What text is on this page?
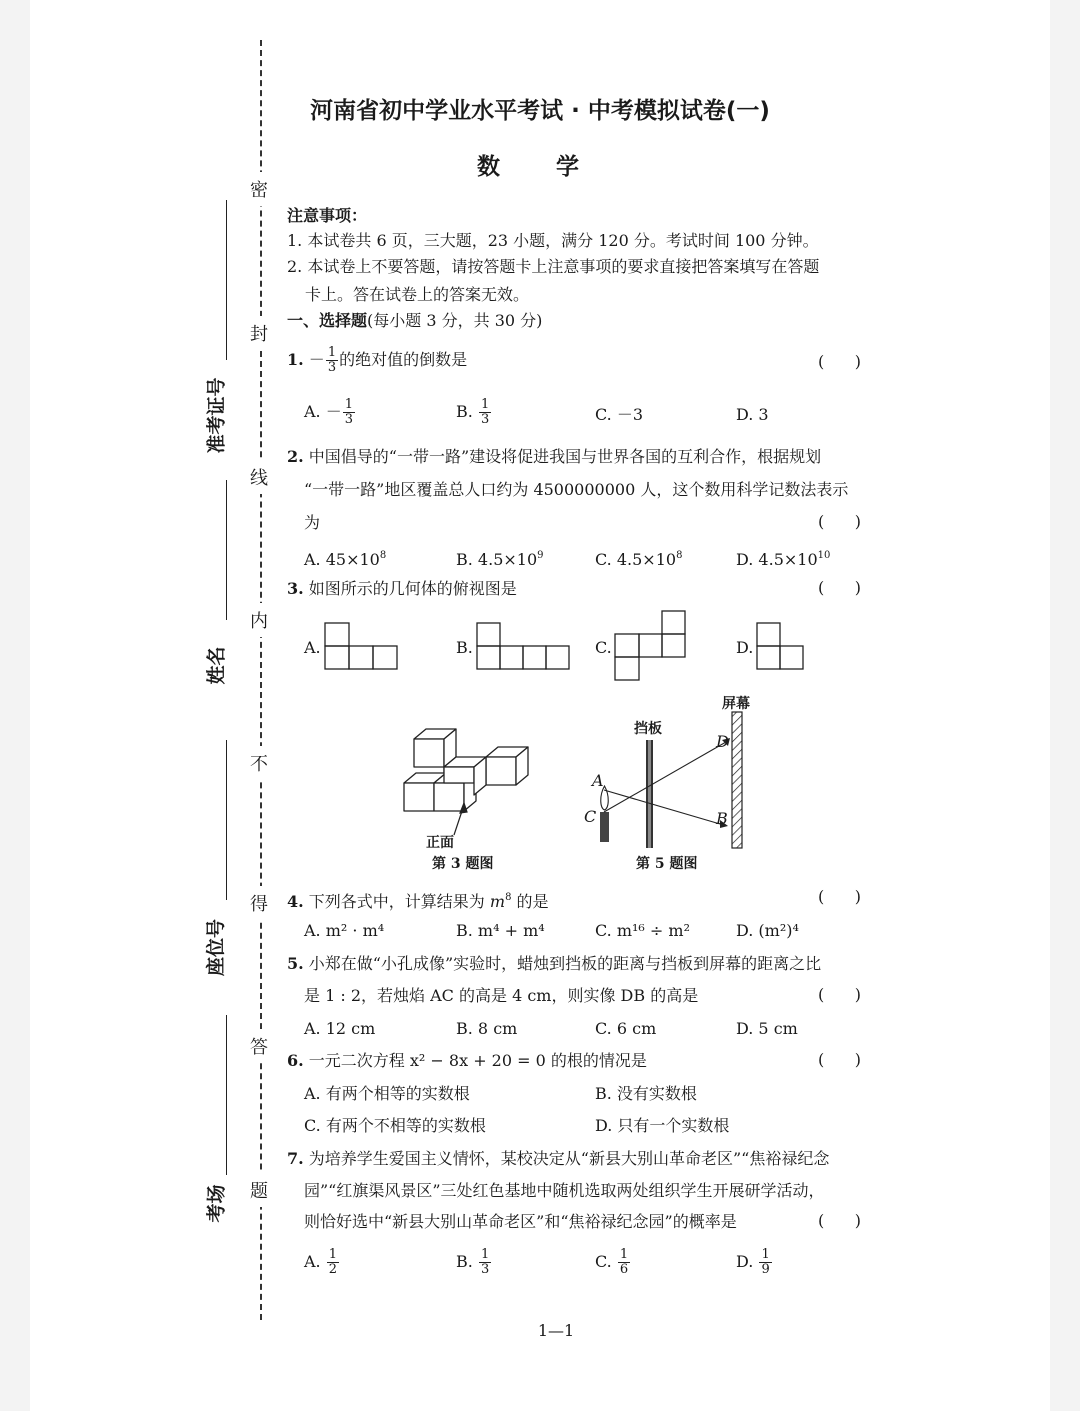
密
封
线
内
不
得
答
题
准考证号
姓名
座位号
考场
河南省初中学业水平考试 · 中考模拟试卷(一)
数 学
注意事项：
1. 本试卷共 6 页，三大题，23 小题，满分 120 分。考试时间 100 分钟。
2. 本试卷上不要答题，请按答题卡上注意事项的要求直接把答案填写在答题
卡上。答在试卷上的答案无效。
一、选择题(每小题 3 分，共 30 分)
1. － $\frac{1}{3}$ 的绝对值的倒数是	(      )
A. － $\frac{1}{3}$	B. $\frac{1}{3}$	C. －3	D. 3
2. 中国倡导的“一带一路”建设将促进我国与世界各国的互利合作，根据规划
“一带一路”地区覆盖总人口约为 4500000000 人，这个数用科学记数法表示
为	(      )
A. $45\times 10^8$	B. $4.5\times 10^9$	C. $4.5\times 10^8$	D. $4.5\times 10^{10}$
3. 如图所示的几何体的俯视图是	(      )
A.	B.	C.	D.
正面
第 3 题图
屏幕
挡板
A
C
D
B
第 5 题图
4. 下列各式中，计算结果为 $m^8$ 的是	(      )
A. m² · m⁴	B. m⁴ + m⁴	C. m¹⁶ ÷ m²	D. (m²)⁴
5. 小郑在做“小孔成像”实验时，蜡烛到挡板的距离与挡板到屏幕的距离之比
是 1 : 2，若烛焰 AC 的高是 4 cm，则实像 DB 的高是	(      )
A. 12 cm	B. 8 cm	C. 6 cm	D. 5 cm
6. 一元二次方程 x² − 8x + 20 = 0 的根的情况是	(      )
A. 有两个相等的实数根	B. 没有实数根
C. 有两个不相等的实数根	D. 只有一个实数根
7. 为培养学生爱国主义情怀，某校决定从“新县大别山革命老区”“焦裕禄纪念
园”“红旗渠风景区”三处红色基地中随机选取两处组织学生开展研学活动，
则恰好选中“新县大别山革命老区”和“焦裕禄纪念园”的概率是	(      )
A. $\frac{1}{2}$	B. $\frac{1}{3}$	C. $\frac{1}{6}$	D. $\frac{1}{9}$
1—1
